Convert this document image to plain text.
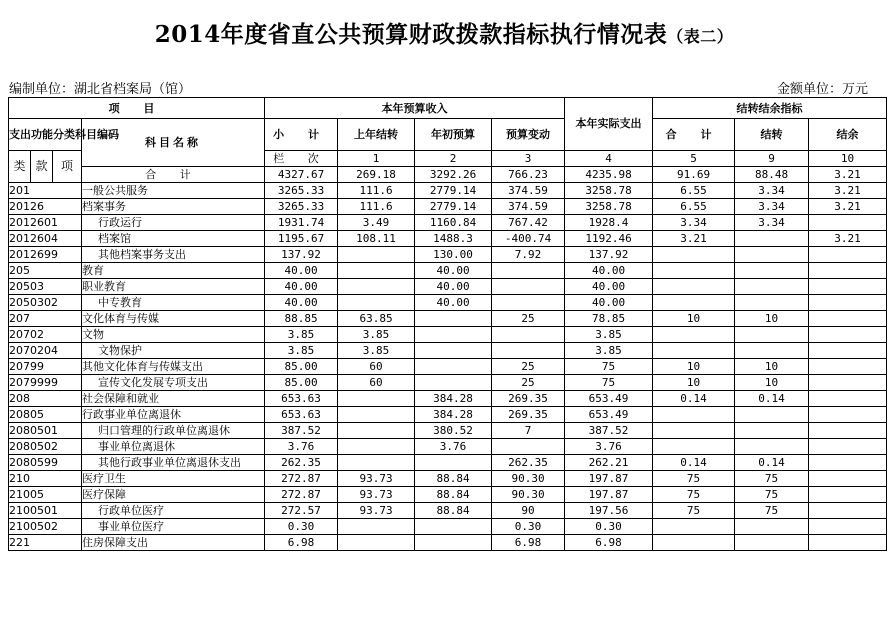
2014年度省直公共预算财政拨款指标执行情况表（表二）
编制单位：湖北省档案局（馆）	金额单位：万元
项 目				本年预算收入				本年实际支出	结转结余指标			
支出功能分类科目编码			科目名称									
				小 计	上年结转	年初预算	预算变动		合 计	结转	结余	
类	款	项		栏 次	1	2	3	4	5	9	10	
			合 计	4327.67	269.18	3292.26	766.23	4235.98	91.69	88.48	3.21	
201			一般公共服务	3265.33	111.6	2779.14	374.59	3258.78	6.55	3.34	3.21	
20126			档案事务	3265.33	111.6	2779.14	374.59	3258.78	6.55	3.34	3.21	
2012601			行政运行	1931.74	3.49	1160.84	767.42	1928.4	3.34	3.34		
2012604			档案馆	1195.67	108.11	1488.3	-400.74	1192.46	3.21		3.21	
2012699			其他档案事务支出	137.92		130.00	7.92	137.92				
205			教育	40.00		40.00		40.00				
20503			职业教育	40.00		40.00		40.00				
2050302			中专教育	40.00		40.00		40.00				
207			文化体育与传媒	88.85	63.85		25	78.85	10	10		
20702			文物	3.85	3.85			3.85				
2070204			文物保护	3.85	3.85			3.85				
20799			其他文化体育与传媒支出	85.00	60		25	75	10	10		
2079999			宣传文化发展专项支出	85.00	60		25	75	10	10		
208			社会保障和就业	653.63		384.28	269.35	653.49	0.14	0.14		
20805			行政事业单位离退休	653.63		384.28	269.35	653.49				
2080501			归口管理的行政单位离退休	387.52		380.52	7	387.52				
2080502			事业单位离退休	3.76		3.76		3.76				
2080599			其他行政事业单位离退休支出	262.35			262.35	262.21	0.14	0.14		
210			医疗卫生	272.87	93.73	88.84	90.30	197.87	75	75		
21005			医疗保障	272.87	93.73	88.84	90.30	197.87	75	75		
2100501			行政单位医疗	272.57	93.73	88.84	90	197.56	75	75		
2100502			事业单位医疗	0.30			0.30	0.30				
221			住房保障支出	6.98			6.98	6.98				
